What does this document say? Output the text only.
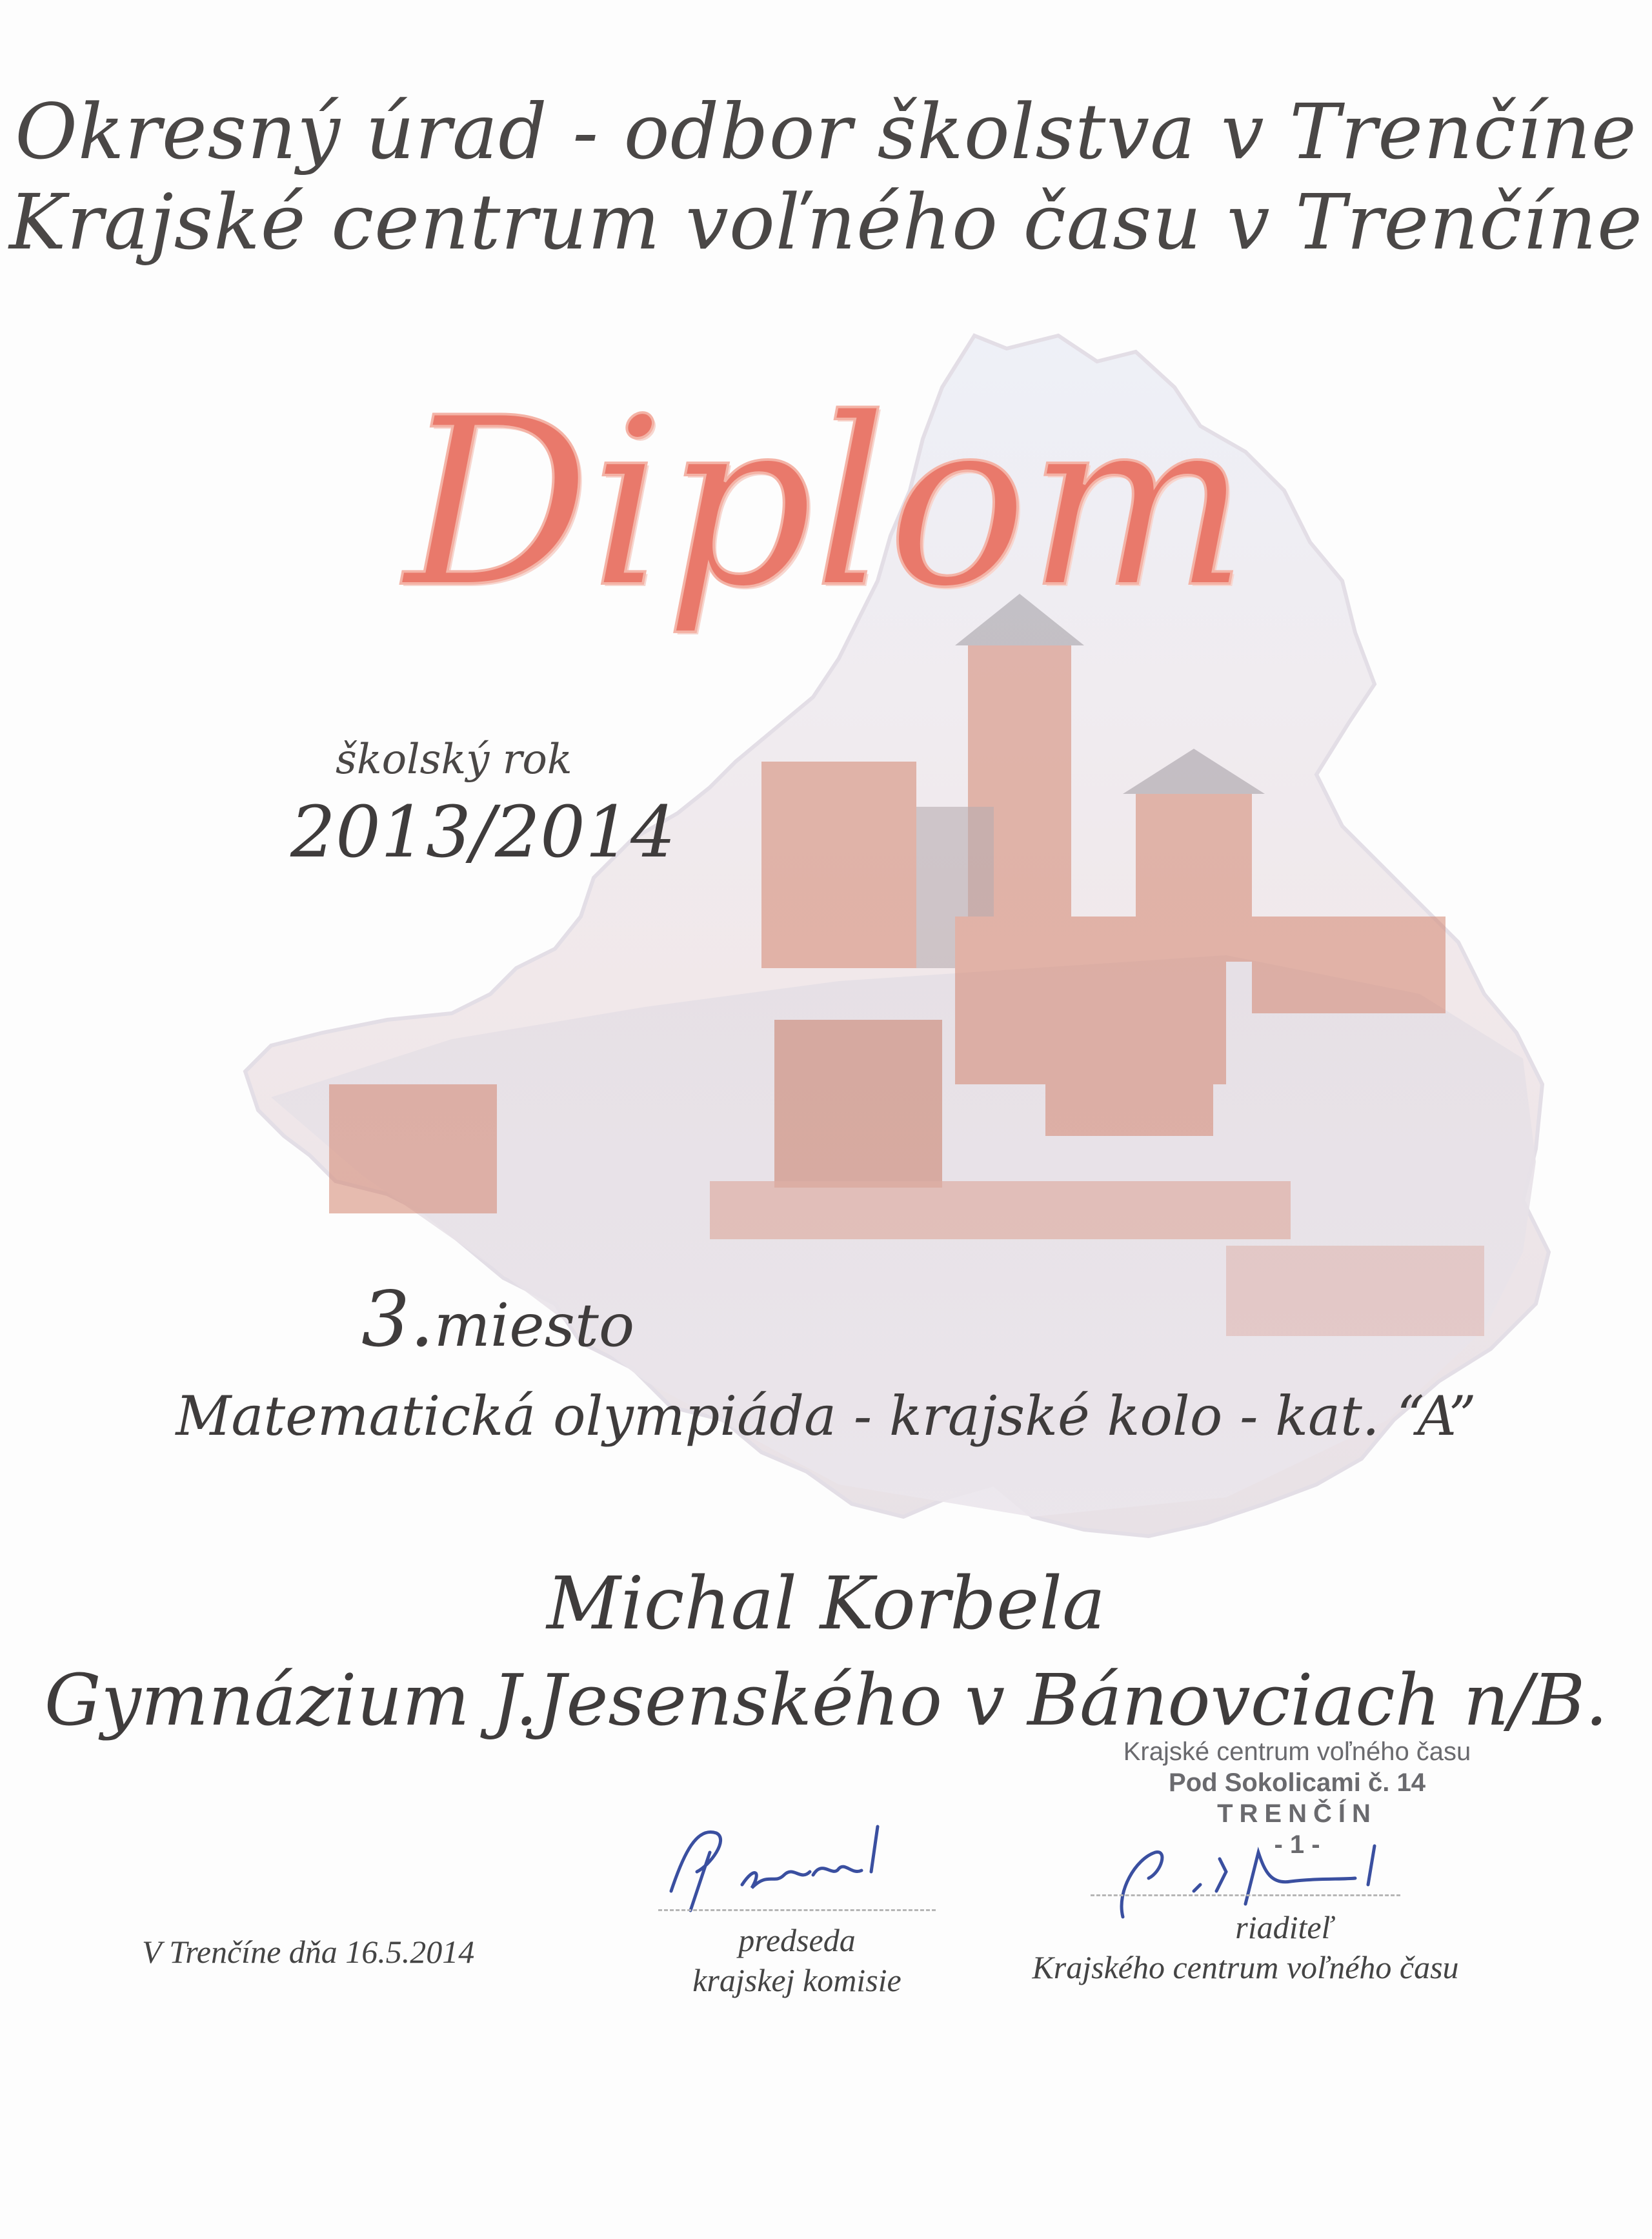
Okresný úrad - odbor školstva v Trenčíne
Krajské centrum voľného času v Trenčíne
Diplom
školský rok
2013/2014
3.miesto
Matematická olympiáda - krajské kolo - kat. “A”
Michal Korbela
Gymnázium J.Jesenského v Bánovciach n/B.
Krajské centrum voľného času
Pod Sokolicami č. 14
TRENČÍN
- 1 -
V Trenčíne dňa 16.5.2014	predseda
krajskej komisie
riaditeľ
Krajského centrum voľného času
